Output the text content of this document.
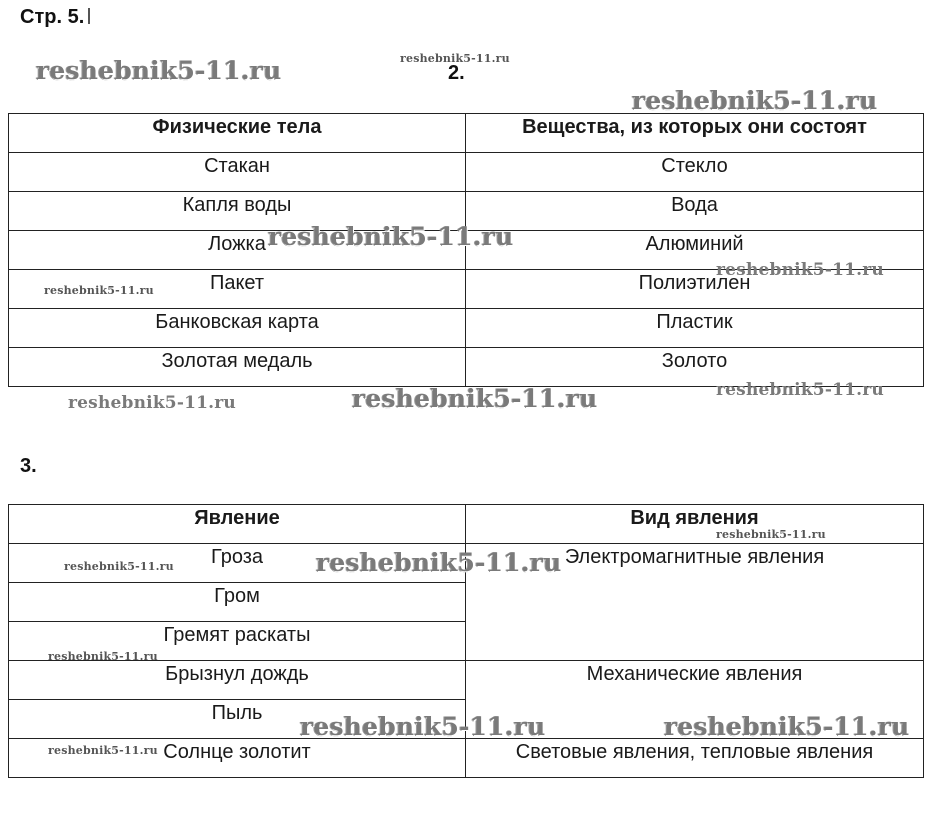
Стр. 5.
2.
Физические тела	Вещества, из которых они состоят
Стакан	Стекло
Капля воды	Вода
Ложка	Алюминий
Пакет	Полиэтилен
Банковская карта	Пластик
Золотая медаль	Золото
3.
Явление	Вид явления
Гроза	Электромагнитные явления
Гром	
Гремят раскаты	
Брызнул дождь	Механические явления
Пыль	
Солнце золотит	Световые явления, тепловые явления
reshebnik5-11.ru	reshebnik5-11.ru
reshebnik5-11.ru
reshebnik5-11.ru
reshebnik5-11.ru
reshebnik5-11.ru
reshebnik5-11.ru	reshebnik5-11.ru
reshebnik5-11.ru
reshebnik5-11.ru
reshebnik5-11.ru	reshebnik5-11.ru
reshebnik5-11.ru
reshebnik5-11.ru	reshebnik5-11.ru
reshebnik5-11.ru
